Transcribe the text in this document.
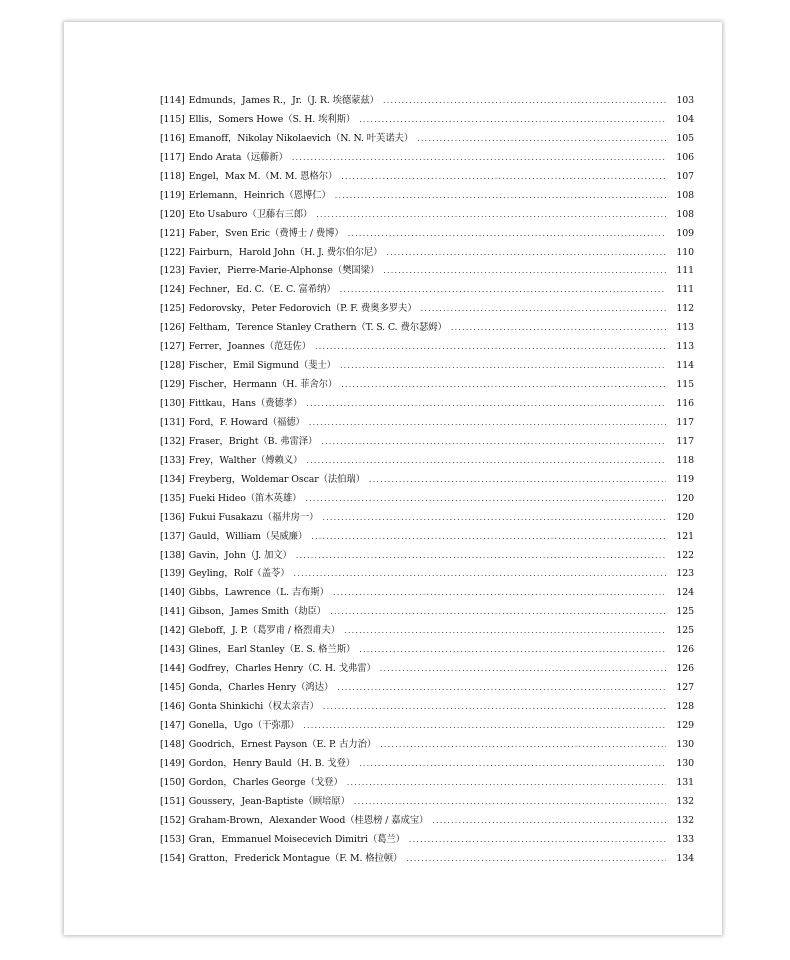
[114] Edmunds，James R.，Jr.（J. R. 埃德蒙兹） .....	103
[115] Ellis，Somers Howe（S. H. 埃利斯） .....	104
[116] Emanoff，Nikolay Nikolaevich（N. N. 叶芙诺夫） .....	105
[117] Endo Arata（远藤新） .....	106
[118] Engel，Max M.（M. M. 恩格尔） .....	107
[119] Erlemann，Heinrich（恩博仁） .....	108
[120] Eto Usaburo（卫藤右三郎） .....	108
[121] Faber，Sven Eric（费博士 / 费博） .....	109
[122] Fairburn，Harold John（H. J. 费尔伯尔尼） .....	110
[123] Favier，Pierre-Marie-Alphonse（樊国梁） .....	111
[124] Fechner，Ed. C.（E. C. 富希纳） .....	111
[125] Fedorovsky，Peter Fedorovich（P. F. 费奥多罗夫） .....	112
[126] Feltham，Terence Stanley Crathern（T. S. C. 费尔瑟姆） .....	113
[127] Ferrer，Joannes（范廷佐） .....	113
[128] Fischer，Emil Sigmund（斐士） .....	114
[129] Fischer，Hermann（H. 菲舍尔） .....	115
[130] Fittkau，Hans（费德孝） .....	116
[131] Ford，F. Howard（福德） .....	117
[132] Fraser，Bright（B. 弗雷泽） .....	117
[133] Frey，Walther（傅赖义） .....	118
[134] Freyberg，Woldemar Oscar（法伯瑞） .....	119
[135] Fueki Hideo（笛木英雄） .....	120
[136] Fukui Fusakazu（福井房一） .....	120
[137] Gauld，William（吴威廉） .....	121
[138] Gavin，John（J. 加文） .....	122
[139] Geyling，Rolf（盖苓） .....	123
[140] Gibbs，Lawrence（L. 吉布斯） .....	124
[141] Gibson，James Smith（劫臣） .....	125
[142] Gleboff，J. P.（葛罗甫 / 格烈甫夫） .....	125
[143] Glines，Earl Stanley（E. S. 格兰斯） .....	126
[144] Godfrey，Charles Henry（C. H. 戈弗雷） .....	126
[145] Gonda，Charles Henry（鸿达） .....	127
[146] Gonta Shinkichi（权太亲吉） .....	128
[147] Gonella，Ugo（干弥那） .....	129
[148] Goodrich，Ernest Payson（E. P. 古力治） .....	130
[149] Gordon，Henry Bauld（H. B. 戈登） .....	130
[150] Gordon，Charles George（戈登） .....	131
[151] Goussery，Jean-Baptiste（顾培原） .....	132
[152] Graham-Brown，Alexander Wood（桂恩榜 / 嘉成宝） .....	132
[153] Gran，Emmanuel Moisecevich Dimitri（葛兰） .....	133
[154] Gratton，Frederick Montague（F. M. 格拉顿） .....	134
